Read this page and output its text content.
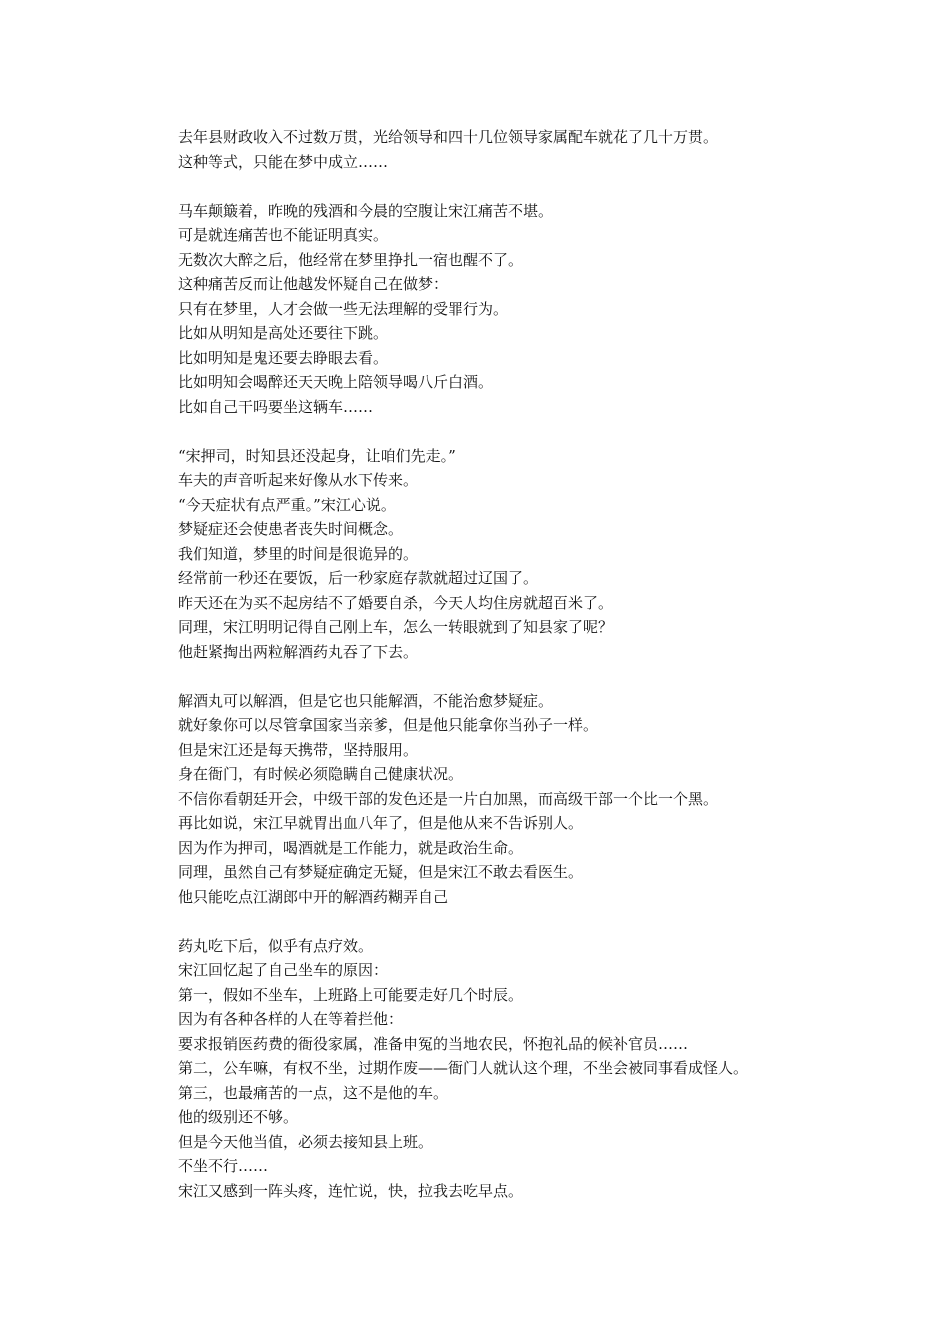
去年县财政收入不过数万贯，光给领导和四十几位领导家属配车就花了几十万贯。
这种等式，只能在梦中成立……
马车颠簸着，昨晚的残酒和今晨的空腹让宋江痛苦不堪。
可是就连痛苦也不能证明真实。
无数次大醉之后，他经常在梦里挣扎一宿也醒不了。
这种痛苦反而让他越发怀疑自己在做梦：
只有在梦里，人才会做一些无法理解的受罪行为。
比如从明知是高处还要往下跳。
比如明知是鬼还要去睁眼去看。
比如明知会喝醉还天天晚上陪领导喝八斤白酒。
比如自己干吗要坐这辆车……
“宋押司，时知县还没起身，让咱们先走。”
车夫的声音听起来好像从水下传来。
“今天症状有点严重。”宋江心说。
梦疑症还会使患者丧失时间概念。
我们知道，梦里的时间是很诡异的。
经常前一秒还在要饭，后一秒家庭存款就超过辽国了。
昨天还在为买不起房结不了婚要自杀，今天人均住房就超百米了。
同理，宋江明明记得自己刚上车，怎么一转眼就到了知县家了呢？
他赶紧掏出两粒解酒药丸吞了下去。
解酒丸可以解酒，但是它也只能解酒，不能治愈梦疑症。
就好象你可以尽管拿国家当亲爹，但是他只能拿你当孙子一样。
但是宋江还是每天携带，坚持服用。
身在衙门，有时候必须隐瞒自己健康状况。
不信你看朝廷开会，中级干部的发色还是一片白加黑，而高级干部一个比一个黑。
再比如说，宋江早就胃出血八年了，但是他从来不告诉别人。
因为作为押司，喝酒就是工作能力，就是政治生命。
同理，虽然自己有梦疑症确定无疑，但是宋江不敢去看医生。
他只能吃点江湖郎中开的解酒药糊弄自己
药丸吃下后，似乎有点疗效。
宋江回忆起了自己坐车的原因：
第一，假如不坐车，上班路上可能要走好几个时辰。
因为有各种各样的人在等着拦他：
要求报销医药费的衙役家属，准备申冤的当地农民，怀抱礼品的候补官员……
第二，公车嘛，有权不坐，过期作废——衙门人就认这个理，不坐会被同事看成怪人。
第三，也最痛苦的一点，这不是他的车。
他的级别还不够。
但是今天他当值，必须去接知县上班。
不坐不行……
宋江又感到一阵头疼，连忙说，快，拉我去吃早点。
